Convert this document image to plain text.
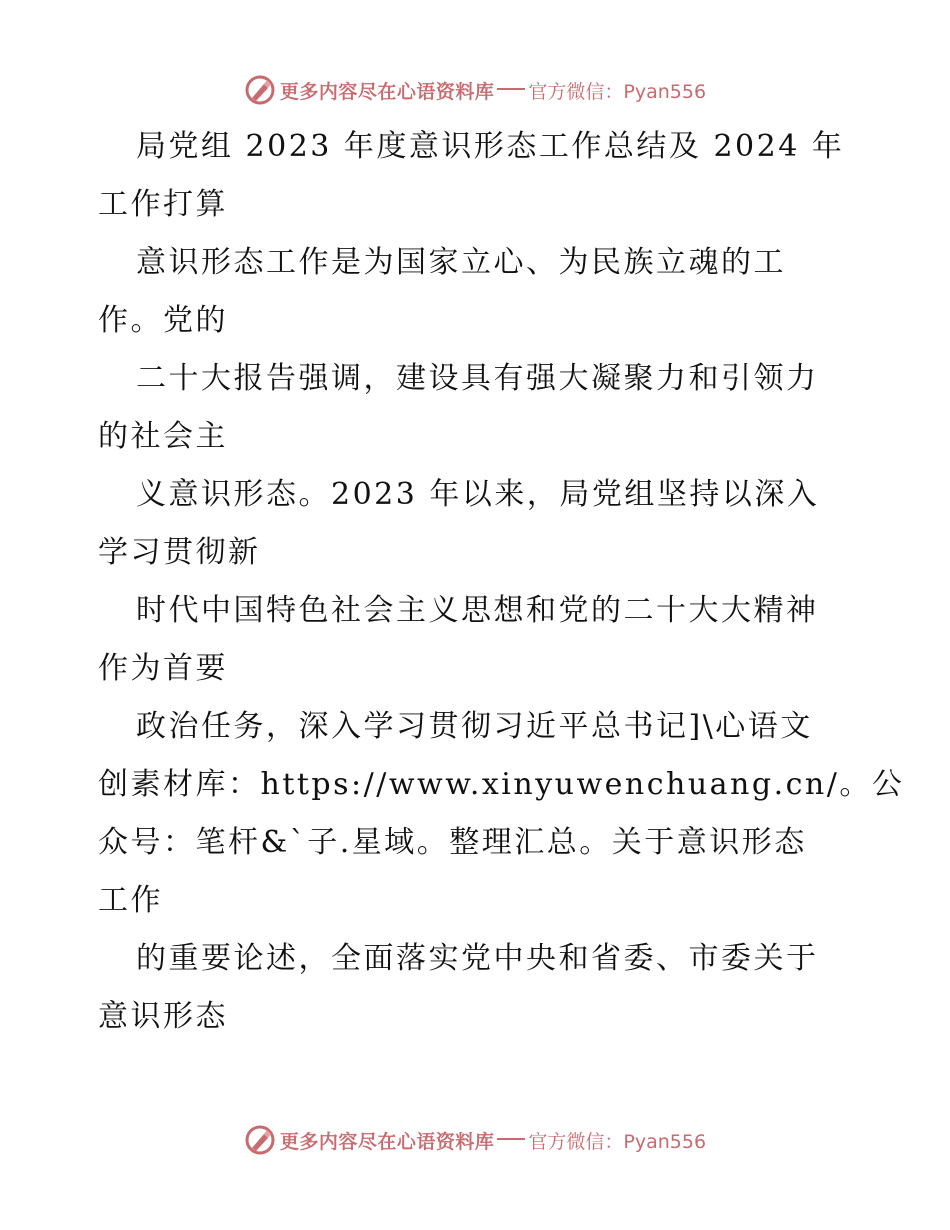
更多内容尽在心语资料库 官方微信：Pyan556

局党组 2023 年度意识形态工作总结及 2024 年

工作打算

意识形态工作是为国家立心、为民族立魂的工

作。党的

二十大报告强调，建设具有强大凝聚力和引领力

的社会主

义意识形态。2023 年以来，局党组坚持以深入

学习贯彻新

时代中国特色社会主义思想和党的二十大大精神

作为首要

政治任务，深入学习贯彻习近平总书记]\心语文

创素材库：https://www.xinyuwenchuang.cn/。公

众号：笔杆&`子.星域。整理汇总。关于意识形态

工作

的重要论述，全面落实党中央和省委、市委关于

意识形态

更多内容尽在心语资料库 官方微信：Pyan556
